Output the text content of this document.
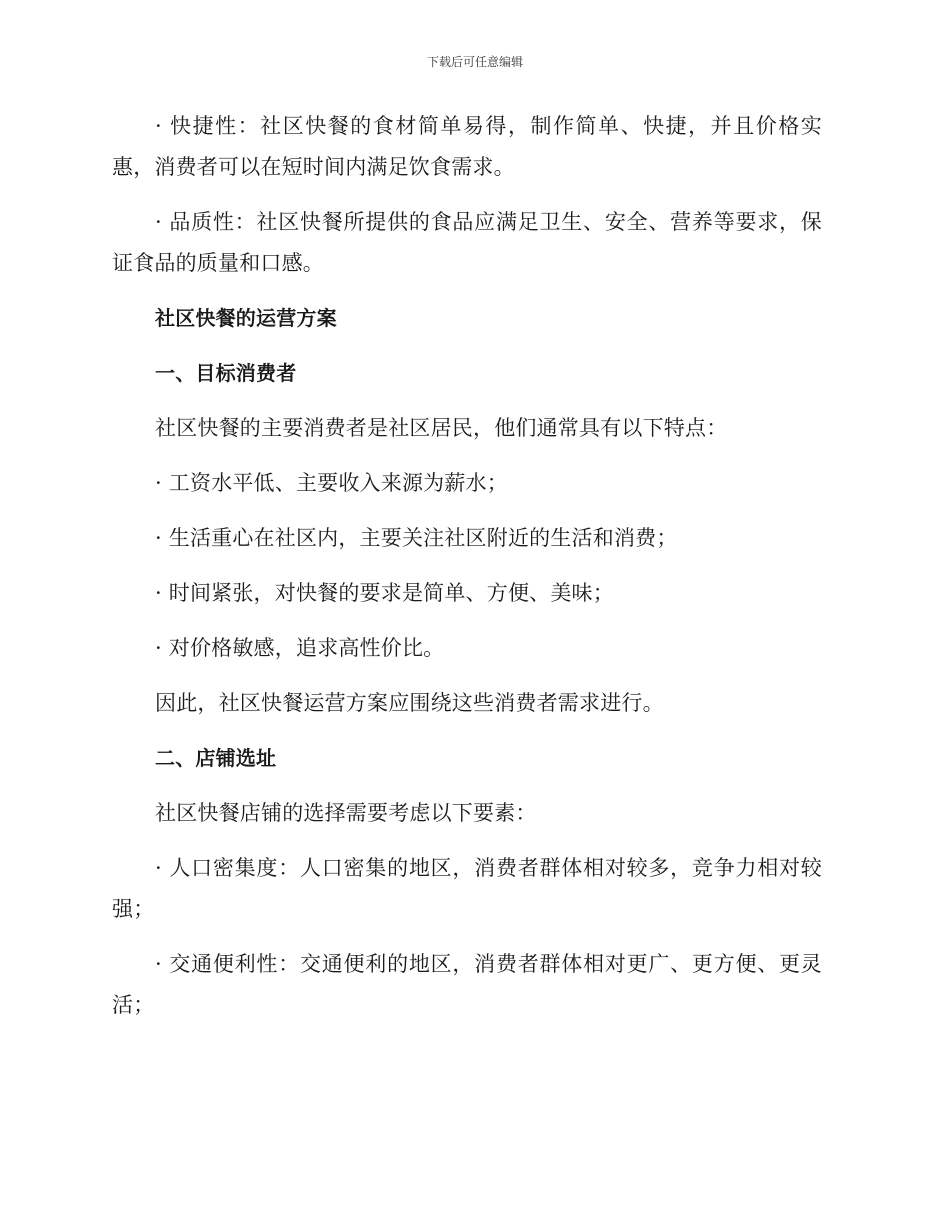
下载后可任意编辑

· 快捷性：社区快餐的食材简单易得，制作简单、快捷，并且价格实惠，消费者可以在短时间内满足饮食需求。

· 品质性：社区快餐所提供的食品应满足卫生、安全、营养等要求，保证食品的质量和口感。

社区快餐的运营方案

一、目标消费者

社区快餐的主要消费者是社区居民，他们通常具有以下特点：

· 工资水平低、主要收入来源为薪水；

· 生活重心在社区内，主要关注社区附近的生活和消费；

· 时间紧张，对快餐的要求是简单、方便、美味；

· 对价格敏感，追求高性价比。

因此，社区快餐运营方案应围绕这些消费者需求进行。

二、店铺选址

社区快餐店铺的选择需要考虑以下要素：

· 人口密集度：人口密集的地区，消费者群体相对较多，竞争力相对较强；

· 交通便利性：交通便利的地区，消费者群体相对更广、更方便、更灵活；
